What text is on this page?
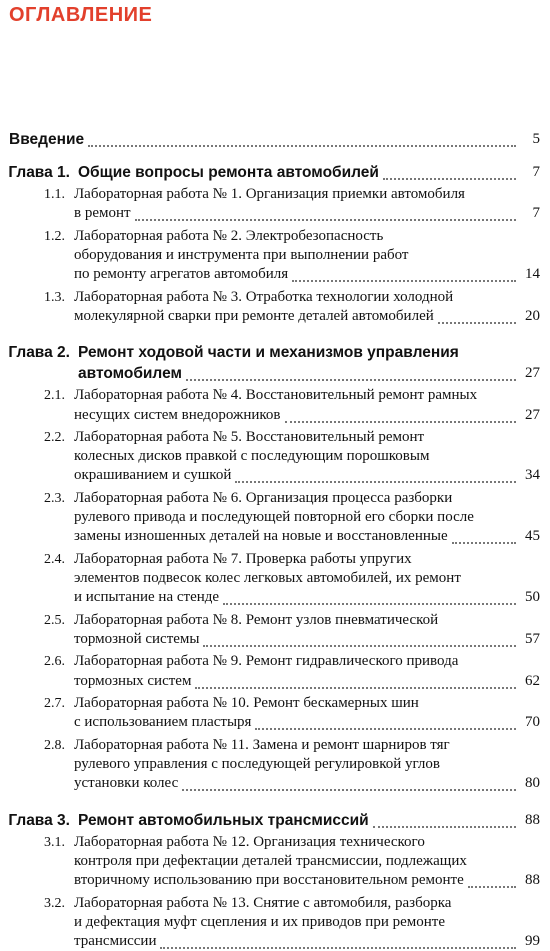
ОГЛАВЛЕНИЕ
Введение	5
Глава 1. Общие вопросы ремонта автомобилей	7
1.1. Лабораторная работа № 1. Организация приемки автомобиля
в ремонт	7
1.2. Лабораторная работа № 2. Электробезопасность
оборудования и инструмента при выполнении работ
по ремонту агрегатов автомобиля	14
1.3. Лабораторная работа № 3. Отработка технологии холодной
молекулярной сварки при ремонте деталей автомобилей	20
Глава 2. Ремонт ходовой части и механизмов управления
автомобилем	27
2.1. Лабораторная работа № 4. Восстановительный ремонт рамных
несущих систем внедорожников	27
2.2. Лабораторная работа № 5. Восстановительный ремонт
колесных дисков правкой с последующим порошковым
окрашиванием и сушкой	34
2.3. Лабораторная работа № 6. Организация процесса разборки
рулевого привода и последующей повторной его сборки после
замены изношенных деталей на новые и восстановленные	45
2.4. Лабораторная работа № 7. Проверка работы упругих
элементов подвесок колес легковых автомобилей, их ремонт
и испытание на стенде	50
2.5. Лабораторная работа № 8. Ремонт узлов пневматической
тормозной системы	57
2.6. Лабораторная работа № 9. Ремонт гидравлического привода
тормозных систем	62
2.7. Лабораторная работа № 10. Ремонт бескамерных шин
с использованием пластыря	70
2.8. Лабораторная работа № 11. Замена и ремонт шарниров тяг
рулевого управления с последующей регулировкой углов
установки колес	80
Глава 3. Ремонт автомобильных трансмиссий	88
3.1. Лабораторная работа № 12. Организация технического
контроля при дефектации деталей трансмиссии, подлежащих
вторичному использованию при восстановительном ремонте	88
3.2. Лабораторная работа № 13. Снятие с автомобиля, разборка
и дефектация муфт сцепления и их приводов при ремонте
трансмиссии	99
